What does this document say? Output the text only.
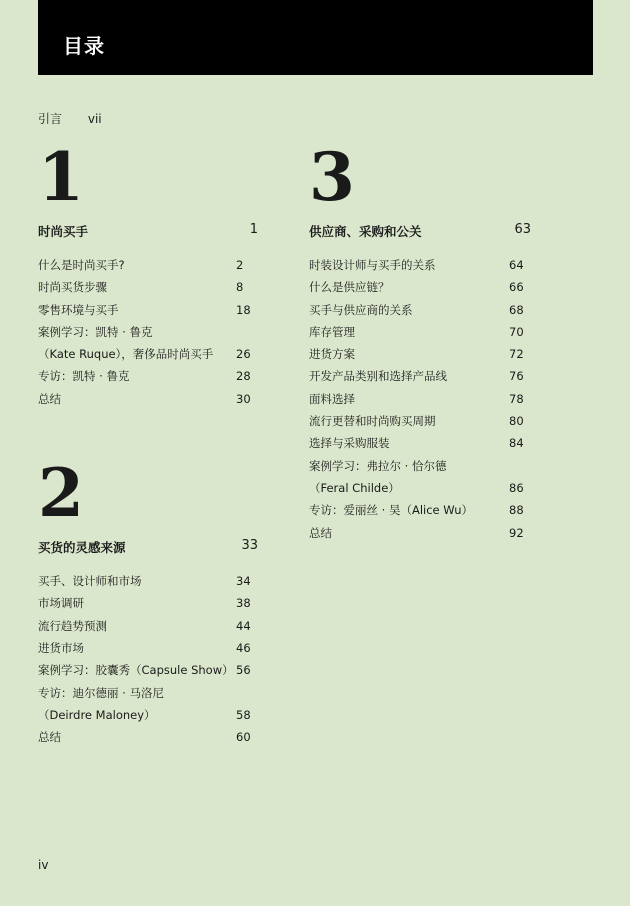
目录
引言 vii
1
时尚买手	1
什么是时尚买手?	2
时尚买货步骤	8
零售环境与买手	18
案例学习：凯特 · 鲁克
（Kate Ruque），奢侈品时尚买手 26
专访：凯特 · 鲁克	28
总结	30
2
买货的灵感来源	33
买手、设计师和市场	34
市场调研	38
流行趋势预测	44
进货市场	46
案例学习：胶囊秀（Capsule Show） 56
专访：迪尔德丽 · 马洛尼
（Deirdre Maloney）	58
总结	60
3
供应商、采购和公关	63
时装设计师与买手的关系	64
什么是供应链？	66
买手与供应商的关系	68
库存管理	70
进货方案	72
开发产品类别和选择产品线	76
面料选择	78
流行更替和时尚购买周期	80
选择与采购服装	84
案例学习：弗拉尔 · 恰尔德
（Feral Childe）	86
专访：爱丽丝 · 吴（Alice Wu）	88
总结	92
iv
